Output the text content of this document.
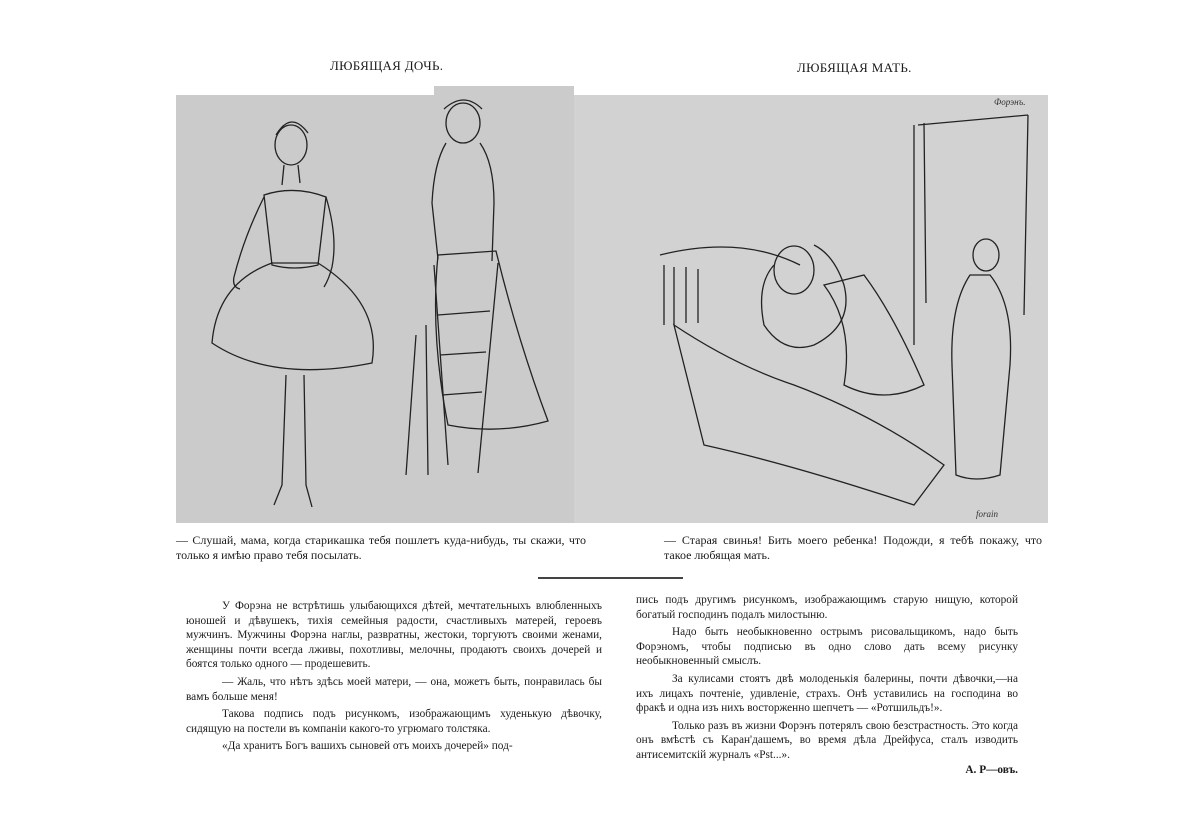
ЛЮБЯЩАЯ ДОЧЬ.	ЛЮБЯЩАЯ МАТЬ.
Форэнъ.
forain
— Слушай, мама, когда старикашка тебя пошлетъ куда-нибудь, ты скажи, что только я имѣю право тебя посылать.
— Старая свинья! Бить моего ребенка! Подожди, я тебѣ покажу, что такое любящая мать.

У Форэна не встрѣтишь улыбающихся дѣтей, мечтательныхъ влюбленныхъ юношей и дѣвушекъ, тихія семейныя радости, счастливыхъ матерей, героевъ мужчинъ. Мужчины Форэна наглы, развратны, жестоки, торгуютъ своими женами, женщины почти всегда лживы, похотливы, мелочны, продаютъ своихъ дочерей и боятся только одного — продешевить.

— Жаль, что нѣтъ здѣсь моей матери, — она, можетъ быть, понравилась бы вамъ больше меня!

Такова подпись подъ рисункомъ, изображающимъ худенькую дѣвочку, сидящую на постели въ компаніи какого-то угрюмаго толстяка.

«Да хранитъ Богъ вашихъ сыновей отъ моихъ дочерей» под-

пись подъ другимъ рисункомъ, изображающимъ старую нищую, которой богатый господинъ подалъ милостыню.

Надо быть необыкновенно острымъ рисовальщикомъ, надо быть Форэномъ, чтобы подписью въ одно слово дать всему рисунку необыкновенный смыслъ.

За кулисами стоятъ двѣ молоденькія балерины, почти дѣвочки,—на ихъ лицахъ почтеніе, удивленіе, страхъ. Онѣ уставились на господина во фракѣ и одна изъ нихъ восторженно шепчетъ — «Ротшильдъ!».

Только разъ въ жизни Форэнъ потерялъ свою безстрастность. Это когда онъ вмѣстѣ съ Каран'дашемъ, во время дѣла Дрейфуса, сталъ изводить антисемитскій журналъ «Pst...».

А. Р—овъ.
